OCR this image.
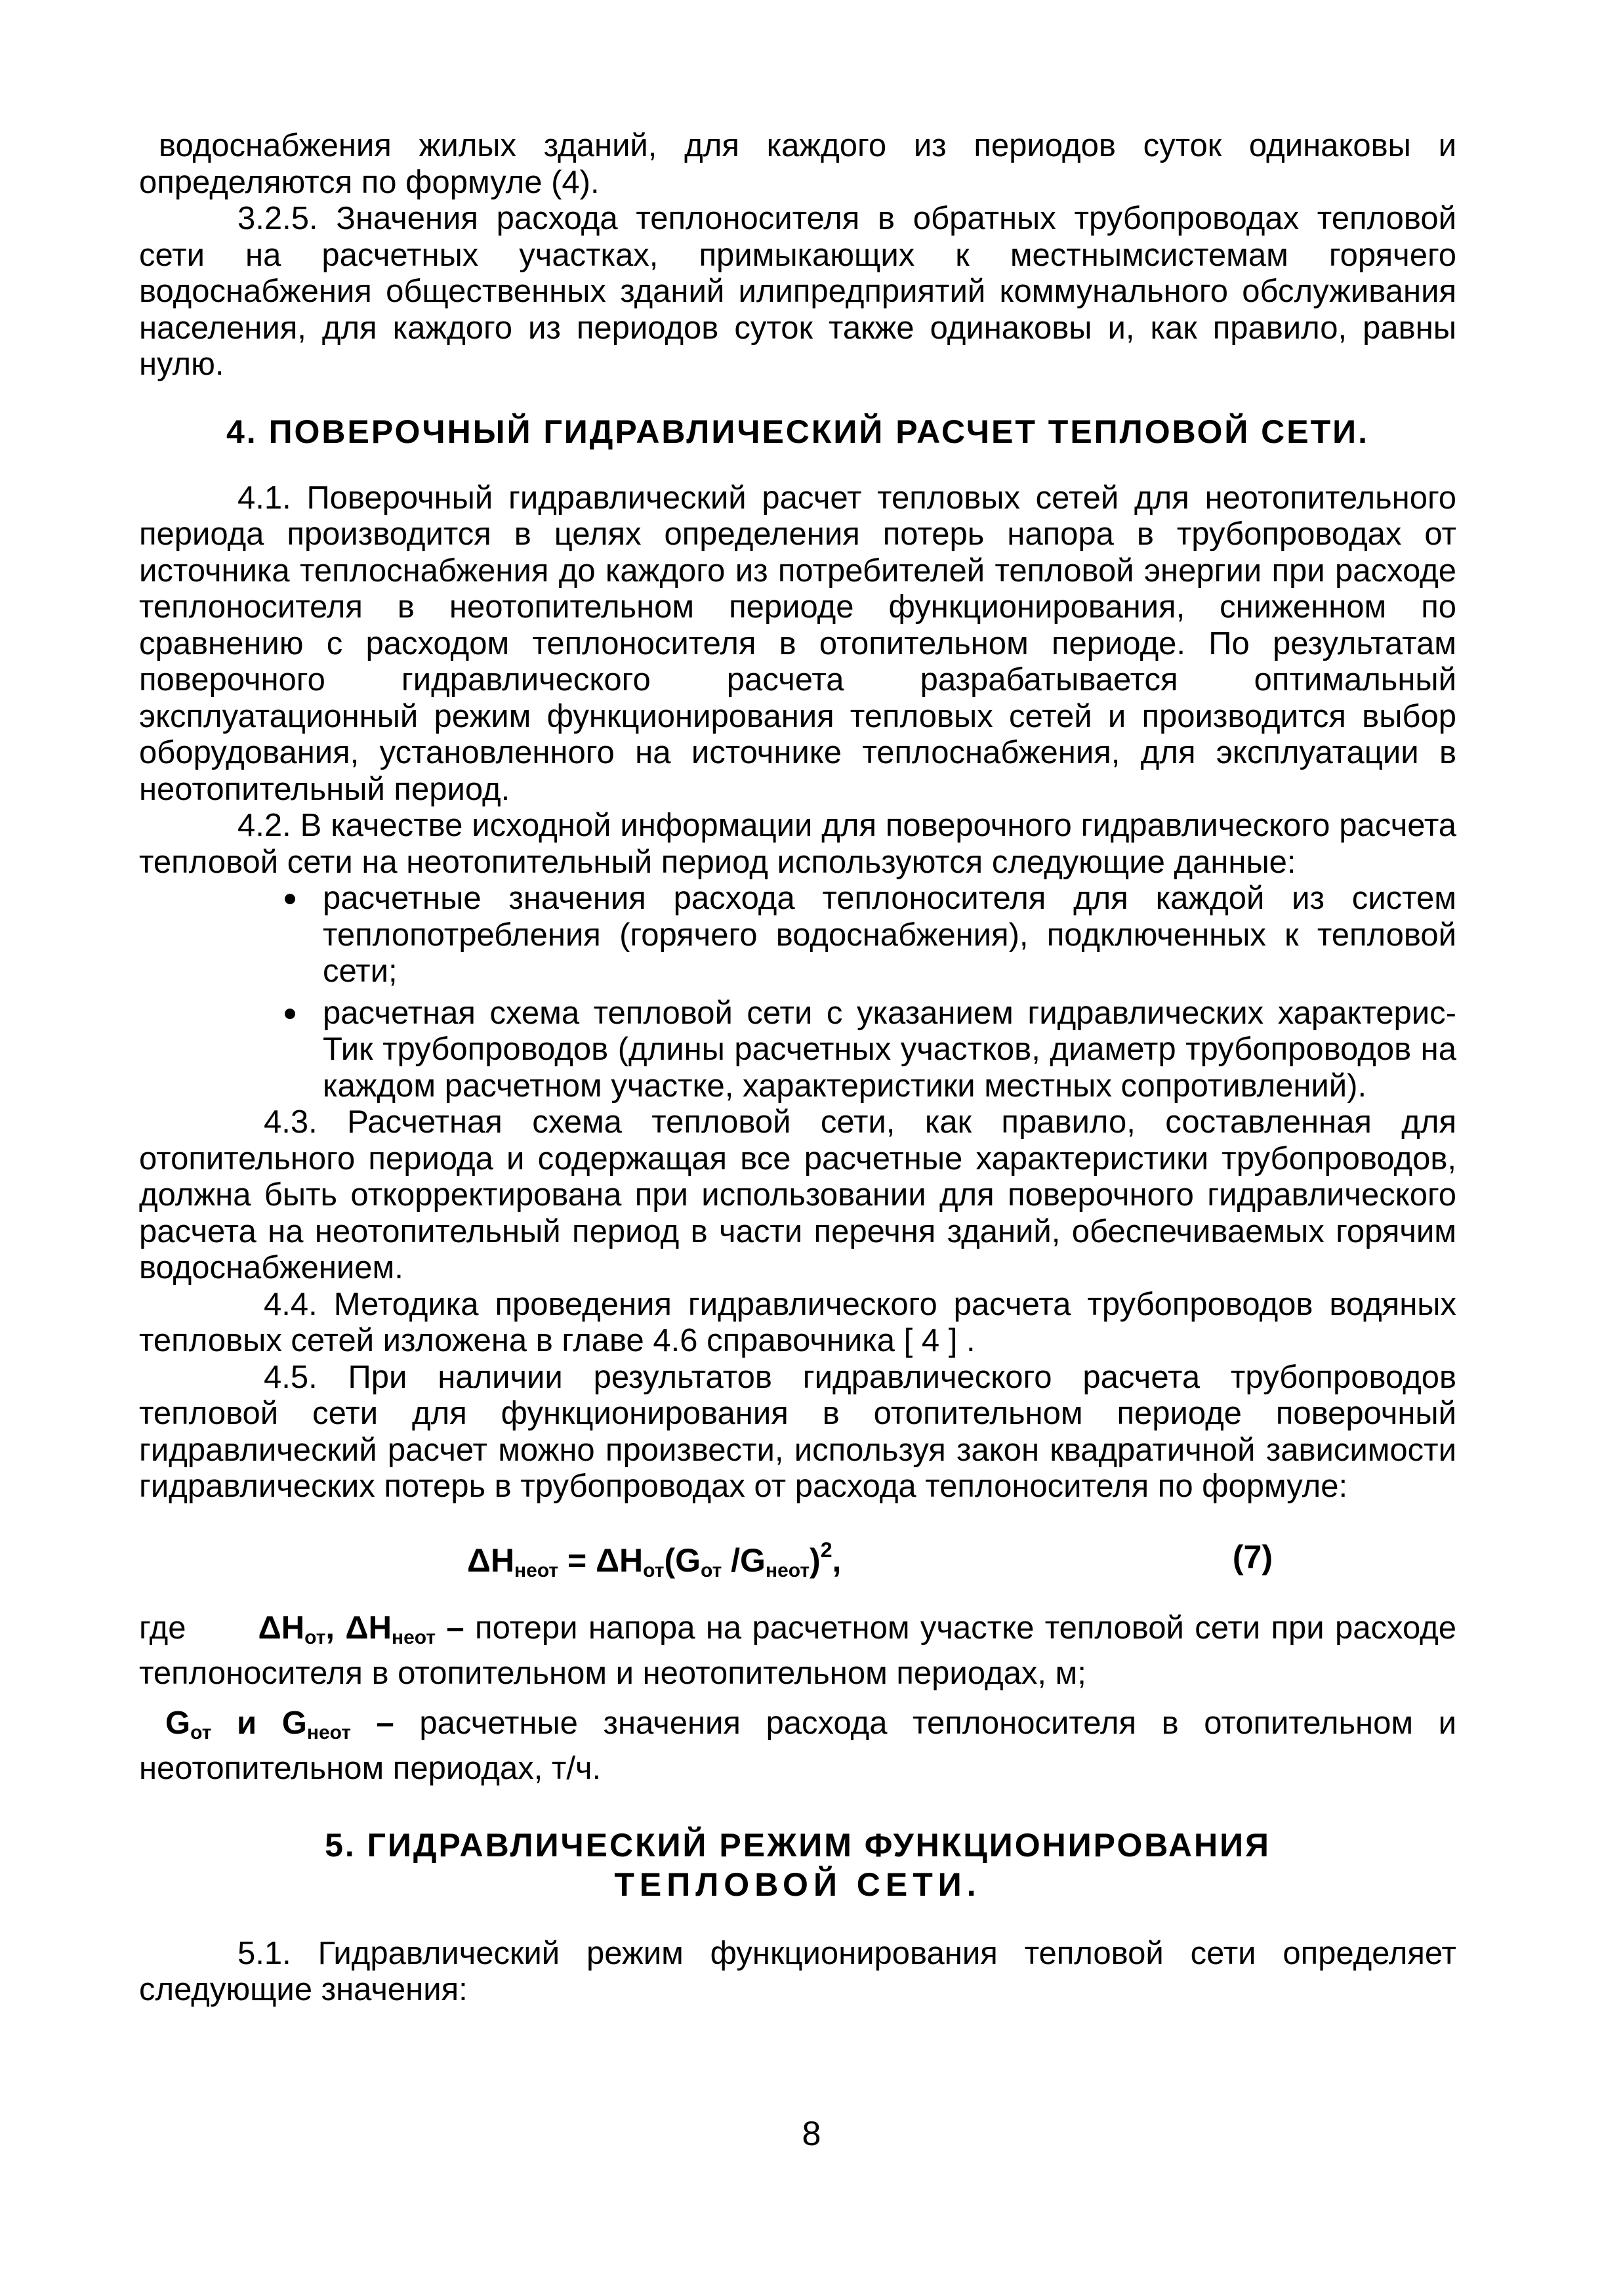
водоснабжения жилых зданий, для каждого из периодов суток одинаковы и определяются по формуле (4).

3.2.5. Значения расхода теплоносителя в обратных трубопроводах тепловой сети на расчетных участках, примыкающих к местнымсистемам горячего водоснабжения общественных зданий илипредприятий коммунального обслуживания населения, для каждого из периодов суток также одинаковы и, как правило, равны нулю.

4. ПОВЕРОЧНЫЙ ГИДРАВЛИЧЕСКИЙ РАСЧЕТ ТЕПЛОВОЙ СЕТИ.

4.1. Поверочный гидравлический расчет тепловых сетей для неотопительного периода производится в целях определения потерь напора в трубопроводах от источника теплоснабжения до каждого из потребителей тепловой энергии при расходе теплоносителя в неотопительном периоде функционирования, сниженном по сравнению с расходом теплоносителя в отопительном периоде. По результатам поверочного гидравлического расчета разрабатывается оптимальный эксплуатационный режим функционирования тепловых сетей и производится выбор оборудования, установленного на источнике теплоснабжения, для эксплуатации в неотопительный период.

4.2. В качестве исходной информации для поверочного гидравлического расчета тепловой сети на неотопительный период используются следующие данные:

расчетные значения расхода теплоносителя для каждой из систем теплопотребления (горячего водоснабжения), подключенных к тепловой сети;

расчетная схема тепловой сети с указанием гидравлических характерис-Тик трубопроводов (длины расчетных участков, диаметр трубопроводов на каждом расчетном участке, характеристики местных сопротивлений).

4.3. Расчетная схема тепловой сети, как правило, составленная для отопительного периода и содержащая все расчетные характеристики трубопроводов, должна быть откорректирована при использовании для поверочного гидравлического расчета на неотопительный период в части перечня зданий, обеспечиваемых горячим водоснабжением.

4.4. Методика проведения гидравлического расчета трубопроводов водяных тепловых сетей изложена в главе 4.6 справочника [ 4 ] .

4.5. При наличии результатов гидравлического расчета трубопроводов тепловой сети для функционирования в отопительном периоде поверочный гидравлический расчет можно произвести, используя закон квадратичной зависимости гидравлических потерь в трубопроводах от расхода теплоносителя по формуле:

$\Delta H_{неот} = \Delta H_{от}(G_{от}$ $/G_{неот})^2$,	(7)

где $\Delta H_{от}$, $\Delta H_{неот}$ – потери напора на расчетном участке тепловой сети при расходе теплоносителя в отопительном и неотопительном периодах, м;

$G_{от}$ и $G_{неот}$ – расчетные значения расхода теплоносителя в отопительном и неотопительном периодах, т/ч.

5. ГИДРАВЛИЧЕСКИЙ РЕЖИМ ФУНКЦИОНИРОВАНИЯ
ТЕПЛОВОЙ СЕТИ.

5.1. Гидравлический режим функционирования тепловой сети определяет следующие значения:

8
